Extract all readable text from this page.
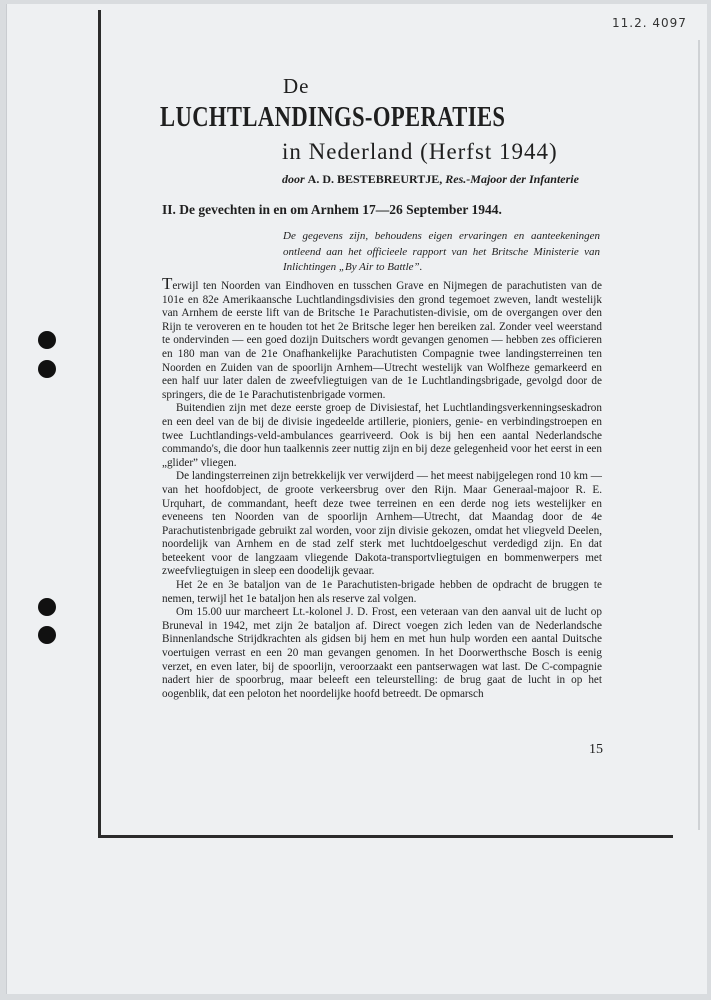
11.2. 4097
De
LUCHTLANDINGS-OPERATIES
in Nederland (Herfst 1944)
door A. D. BESTEBREURTJE, Res.-Majoor der Infanterie
II. De gevechten in en om Arnhem 17—26 September 1944.
De gegevens zijn, behoudens eigen ervaringen en aanteekeningen ontleend aan het officieele rapport van het Britsche Ministerie van Inlichtingen „By Air to Battle”.

Terwijl ten Noorden van Eindhoven en tusschen Grave en Nijmegen de parachutisten van de 101e en 82e Amerikaansche Luchtlandingsdivisies den grond tegemoet zweven, landt westelijk van Arnhem de eerste lift van de Britsche 1e Parachutisten-divisie, om de overgangen over den Rijn te veroveren en te houden tot het 2e Britsche leger hen bereiken zal. Zonder veel weerstand te ondervinden — een goed dozijn Duitschers wordt gevangen genomen — hebben zes officieren en 180 man van de 21e Onafhankelijke Parachutisten Compagnie twee landingsterreinen ten Noorden en Zuiden van de spoorlijn Arnhem—Utrecht westelijk van Wolfheze gemarkeerd en een half uur later dalen de zweefvliegtuigen van de 1e Luchtlandingsbrigade, gevolgd door de springers, die de 1e Parachutistenbrigade vormen.

Buitendien zijn met deze eerste groep de Divisiestaf, het Luchtlandingsverkenningseskadron en een deel van de bij de divisie ingedeelde artillerie, pioniers, genie- en verbindingstroepen en twee Luchtlandings-veld-ambulances gearriveerd. Ook is bij hen een aantal Nederlandsche commando's, die door hun taalkennis zeer nuttig zijn en bij deze gelegenheid voor het eerst in een „glider” vliegen.

De landingsterreinen zijn betrekkelijk ver verwijderd — het meest nabijgelegen rond 10 km — van het hoofdobject, de groote verkeersbrug over den Rijn. Maar Generaal-majoor R. E. Urquhart, de commandant, heeft deze twee terreinen en een derde nog iets westelijker en eveneens ten Noorden van de spoorlijn Arnhem—Utrecht, dat Maandag door de 4e Parachutistenbrigade gebruikt zal worden, voor zijn divisie gekozen, omdat het vliegveld Deelen, noordelijk van Arnhem en de stad zelf sterk met luchtdoelgeschut verdedigd zijn. En dat beteekent voor de langzaam vliegende Dakota-transportvliegtuigen en bommenwerpers met zweefvliegtuigen in sleep een doodelijk gevaar.

Het 2e en 3e bataljon van de 1e Parachutisten-brigade hebben de opdracht de bruggen te nemen, terwijl het 1e bataljon hen als reserve zal volgen.

Om 15.00 uur marcheert Lt.-kolonel J. D. Frost, een veteraan van den aanval uit de lucht op Bruneval in 1942, met zijn 2e bataljon af. Direct voegen zich leden van de Nederlandsche Binnenlandsche Strijdkrachten als gidsen bij hem en met hun hulp worden een aantal Duitsche voertuigen verrast en een 20 man gevangen genomen. In het Doorwerthsche Bosch is eenig verzet, en even later, bij de spoorlijn, veroorzaakt een pantserwagen wat last. De C-compagnie nadert hier de spoorbrug, maar beleeft een teleurstelling: de brug gaat de lucht in op het oogenblik, dat een peloton het noordelijke hoofd betreedt. De opmarsch

15
